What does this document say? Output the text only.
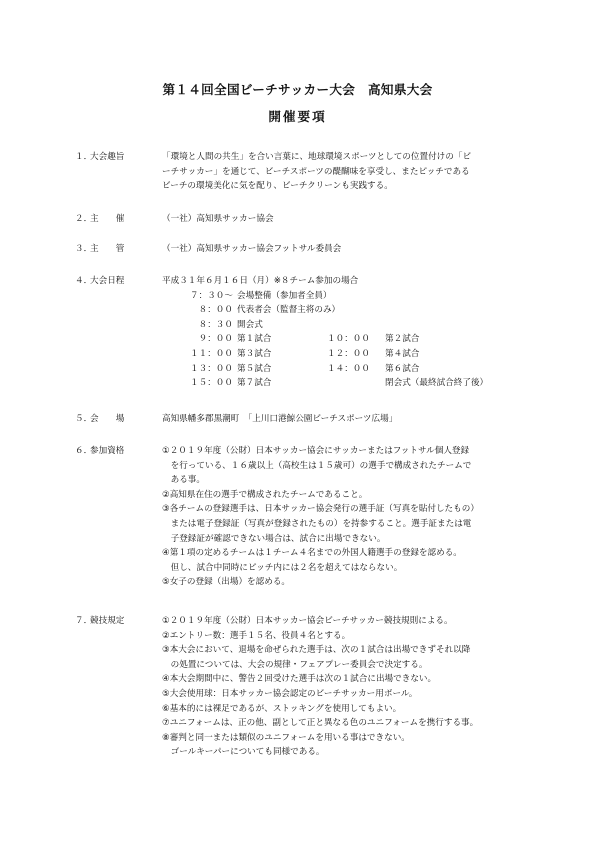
第１４回全国ビーチサッカー大会　高知県大会
開催要項
１．
大会趣旨	「環境と人間の共生」を合い言葉に、地球環境スポーツとしての位置付けの「ビ
ーチサッカー」を通じて、ビーチスポーツの醍醐味を享受し、またピッチである
ビーチの環境美化に気を配り、ビーチクリーンも実践する。
２．
主　　催	（一社）高知県サッカー協会
３．
主　　管	（一社）高知県サッカー協会フットサル委員会
４．
大会日程	平成３１年６月１６日（月）※８チーム参加の場合
７：３０～ 会場整備（参加者全員）
８：００ 代表者会（監督主将のみ）
８：３０ 開会式
９：００ 第１試合	１０：００ 第２試合
１１：００ 第３試合	１２：００ 第４試合
１３：００ 第５試合	１４：００ 第６試合
１５：００ 第７試合	閉会式（最終試合終了後）
５．
会　　場	高知県幡多郡黒潮町　「上川口港鯨公園ビーチスポーツ広場」
６．
参加資格	①２０１９年度（公財）日本サッカー協会にサッカーまたはフットサル個人登録
　を行っている、１６歳以上（高校生は１５歳可）の選手で構成されたチームで
　ある事。
②高知県在住の選手で構成されたチームであること。
③各チームの登録選手は、日本サッカー協会発行の選手証（写真を貼付したもの）
　または電子登録証（写真が登録されたもの）を持参すること。選手証または電
　子登録証が確認できない場合は、試合に出場できない。
④第１項の定めるチームは１チーム４名までの外国人籍選手の登録を認める。
　但し、試合中同時にピッチ内には２名を超えてはならない。
⑤女子の登録（出場）を認める。
７．
競技規定	①２０１９年度（公財）日本サッカー協会ビーチサッカー競技規則による。
②エントリー数：選手１５名、役員４名とする。
③本大会において、退場を命ぜられた選手は、次の１試合は出場できずそれ以降
　の処置については、大会の規律・フェアプレー委員会で決定する。
④本大会期間中に、警告２回受けた選手は次の１試合に出場できない。
⑤大会使用球：日本サッカー協会認定のビーチサッカー用ボール。
⑥基本的には裸足であるが、ストッキングを使用してもよい。
⑦ユニフォームは、正の他、副として正と異なる色のユニフォームを携行する事。
⑧審判と同一または類似のユニフォームを用いる事はできない。
　ゴールキーパーについても同様である。
